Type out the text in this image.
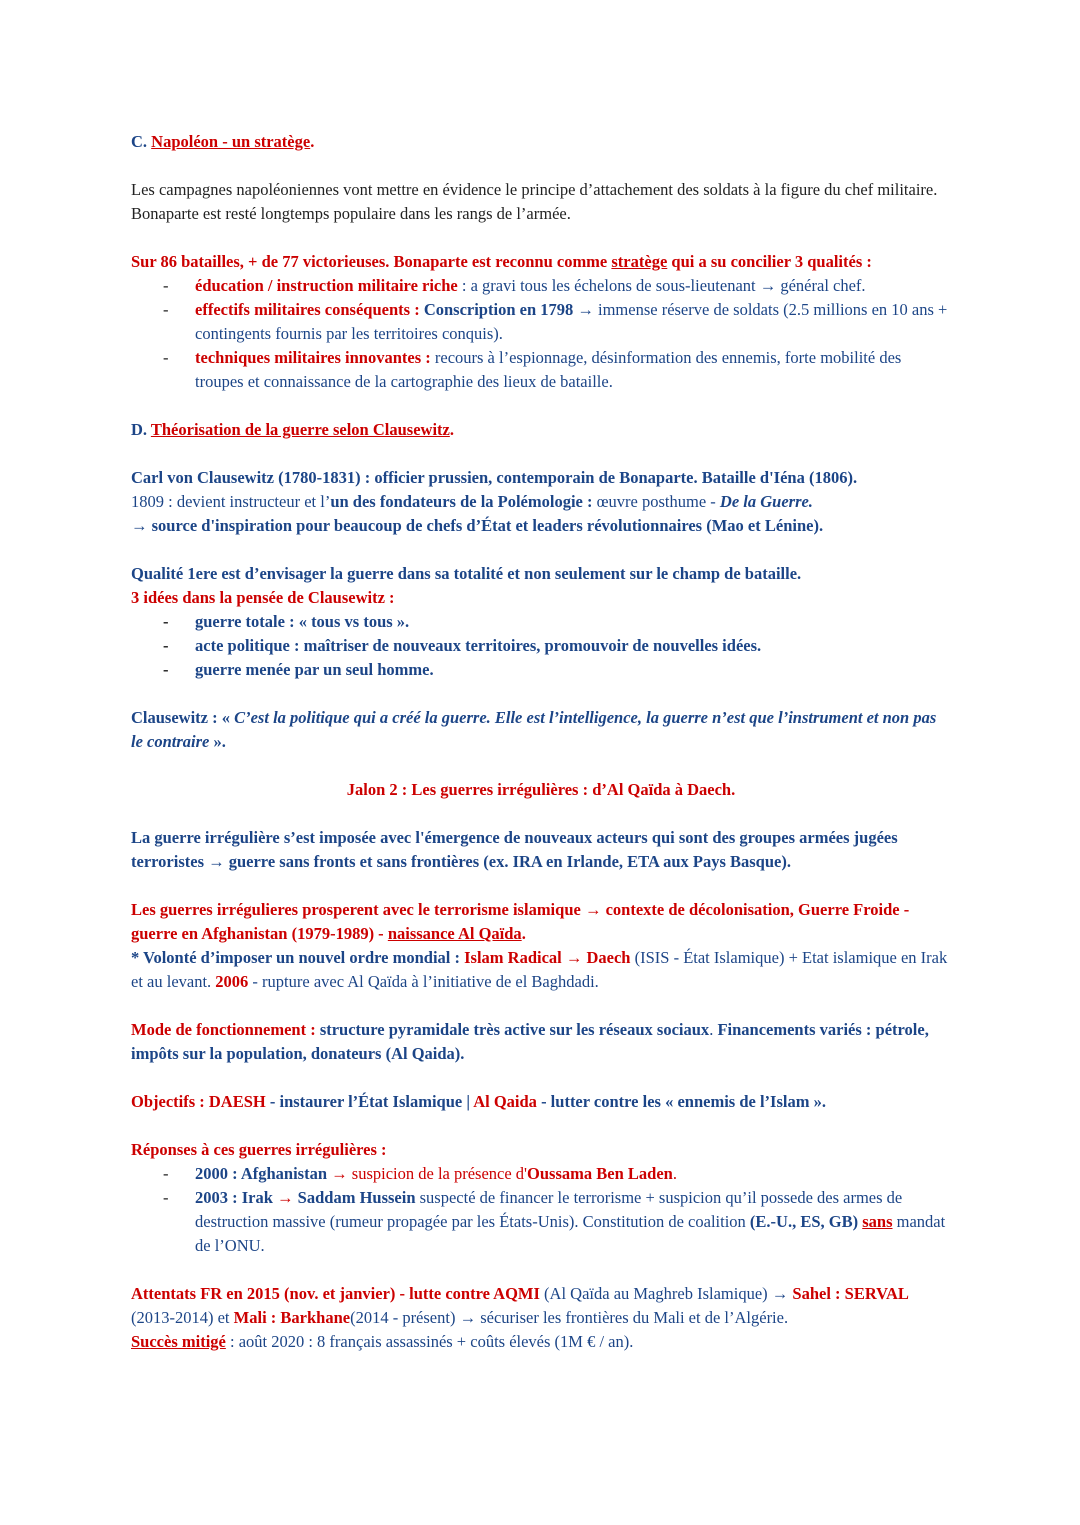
C. Napoléon - un stratège.

Les campagnes napoléoniennes vont mettre en évidence le principe d’attachement des soldats à la figure du chef militaire. Bonaparte est resté longtemps populaire dans les rangs de l’armée.

Sur 86 batailles, + de 77 victorieuses. Bonaparte est reconnu comme stratège qui a su concilier 3 qualités :

- éducation / instruction militaire riche : a gravi tous les échelons de sous-lieutenant → général chef.
- effectifs militaires conséquents : Conscription en 1798 → immense réserve de soldats (2.5 millions en 10 ans + contingents fournis par les territoires conquis).
- techniques militaires innovantes : recours à l’espionnage, désinformation des ennemis, forte mobilité des troupes et connaissance de la cartographie des lieux de bataille.

D. Théorisation de la guerre selon Clausewitz.

Carl von Clausewitz (1780-1831) : officier prussien, contemporain de Bonaparte. Bataille d'Iéna (1806).
1809 : devient instructeur et l’un des fondateurs de la Polémologie : œuvre posthume - De la Guerre.
→ source d'inspiration pour beaucoup de chefs d’État et leaders révolutionnaires (Mao et Lénine).
Qualité 1ere est d’envisager la guerre dans sa totalité et non seulement sur le champ de bataille.
3 idées dans la pensée de Clausewitz :
- guerre totale : « tous vs tous ».
- acte politique : maîtriser de nouveaux territoires, promouvoir de nouvelles idées.
- guerre menée par un seul homme.

Clausewitz : « C’est la politique qui a créé la guerre. Elle est l’intelligence, la guerre n’est que l’instrument et non pas le contraire ».

Jalon 2 : Les guerres irrégulières : d’Al Qaïda à Daech.

La guerre irrégulière s’est imposée avec l'émergence de nouveaux acteurs qui sont des groupes armées jugées terroristes → guerre sans fronts et sans frontières (ex. IRA en Irlande, ETA aux Pays Basque).

Les guerres irrégulieres prosperent avec le terrorisme islamique → contexte de décolonisation, Guerre Froide - guerre en Afghanistan (1979-1989) - naissance Al Qaïda.
* Volonté d’imposer un nouvel ordre mondial : Islam Radical → Daech (ISIS - État Islamique) + Etat islamique en Irak et au levant. 2006 - rupture avec Al Qaïda à l’initiative de el Baghdadi.

Mode de fonctionnement : structure pyramidale très active sur les réseaux sociaux. Financements variés : pétrole, impôts sur la population, donateurs (Al Qaida).

Objectifs : DAESH - instaurer l’État Islamique | Al Qaida - lutter contre les « ennemis de l’Islam ».

Réponses à ces guerres irrégulières :

- 2000 : Afghanistan → suspicion de la présence d'Oussama Ben Laden.
- 2003 : Irak → Saddam Hussein suspecté de financer le terrorisme + suspicion qu’il possede des armes de destruction massive (rumeur propagée par les États-Unis). Constitution de coalition (E.-U., ES, GB) sans mandat de l’ONU.

Attentats FR en 2015 (nov. et janvier) - lutte contre AQMI (Al Qaïda au Maghreb Islamique) → Sahel : SERVAL (2013-2014) et Mali : Barkhane(2014 - présent) → sécuriser les frontières du Mali et de l’Algérie.
Succès mitigé : août 2020 : 8 français assassinés + coûts élevés (1M € / an).
